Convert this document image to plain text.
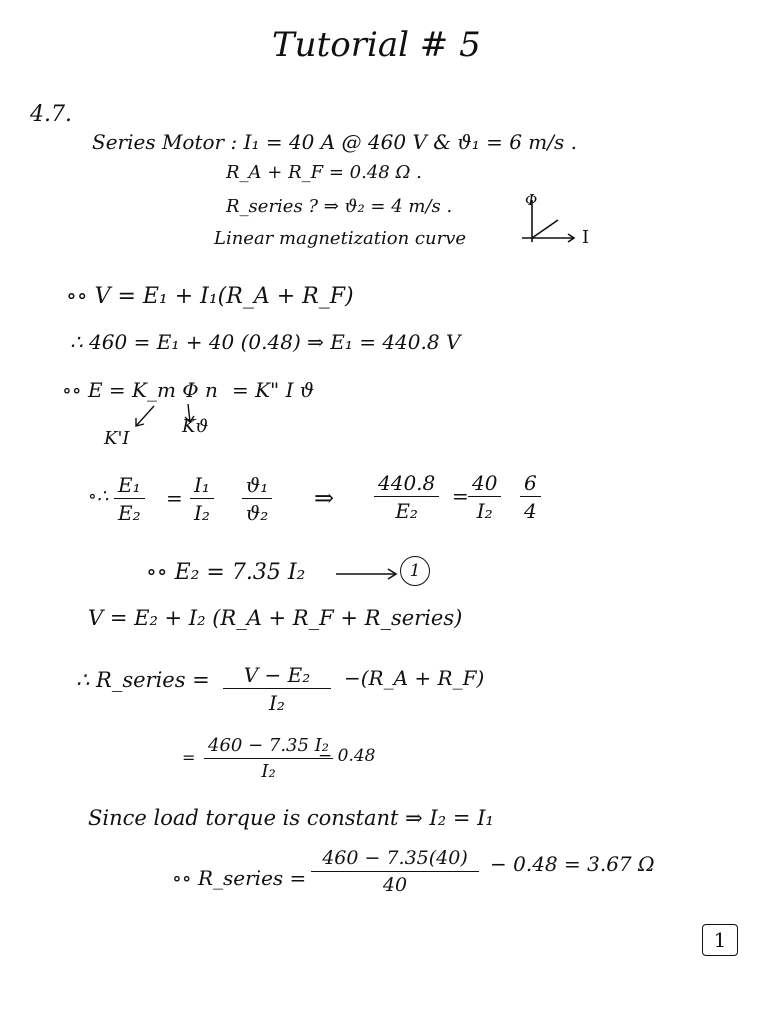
Tutorial # 5
4.7.
Series Motor : I₁ = 40 A @ 460 V & ϑ₁ = 6 m/s .
R_A + R_F = 0.48 Ω .
R_series ? ⇒ ϑ₂ = 4 m/s .
Linear magnetization curve
Φ
I
∘∘ V = E₁ + I₁(R_A + R_F)
∴ 460 = E₁ + 40 (0.48) ⇒ E₁ = 440.8 V
∘∘ E = K_m Φ n = K" I ϑ
K'I
Kϑ
∘∴ $\frac{\text{E₁}}{\text{E₂}} = \frac{\text{I₁}}{\text{I₂}} \frac{\text{ϑ₁}}{\text{ϑ₂}}$ ⇒ $\frac{440.8}{\text{E₂}} = \frac{40}{\text{I₂}} \frac{6}{4}$
∘∘ E₂ = 7.35 I₂	1
V = E₂ + I₂ (R_A + R_F + R_series)
∴ R_series = $\frac{\text{V − E₂}}{\text{I₂}}$ −(R_A + R_F)
= $\frac{\text{460 − 7.35 I₂}}{\text{I₂}}$
− 0.48
Since load torque is constant ⇒ I₂ = I₁
∘∘ R_series = $\frac{460 - 7.35(40)}{40} - 0.48 = 3.67$ Ω
1
